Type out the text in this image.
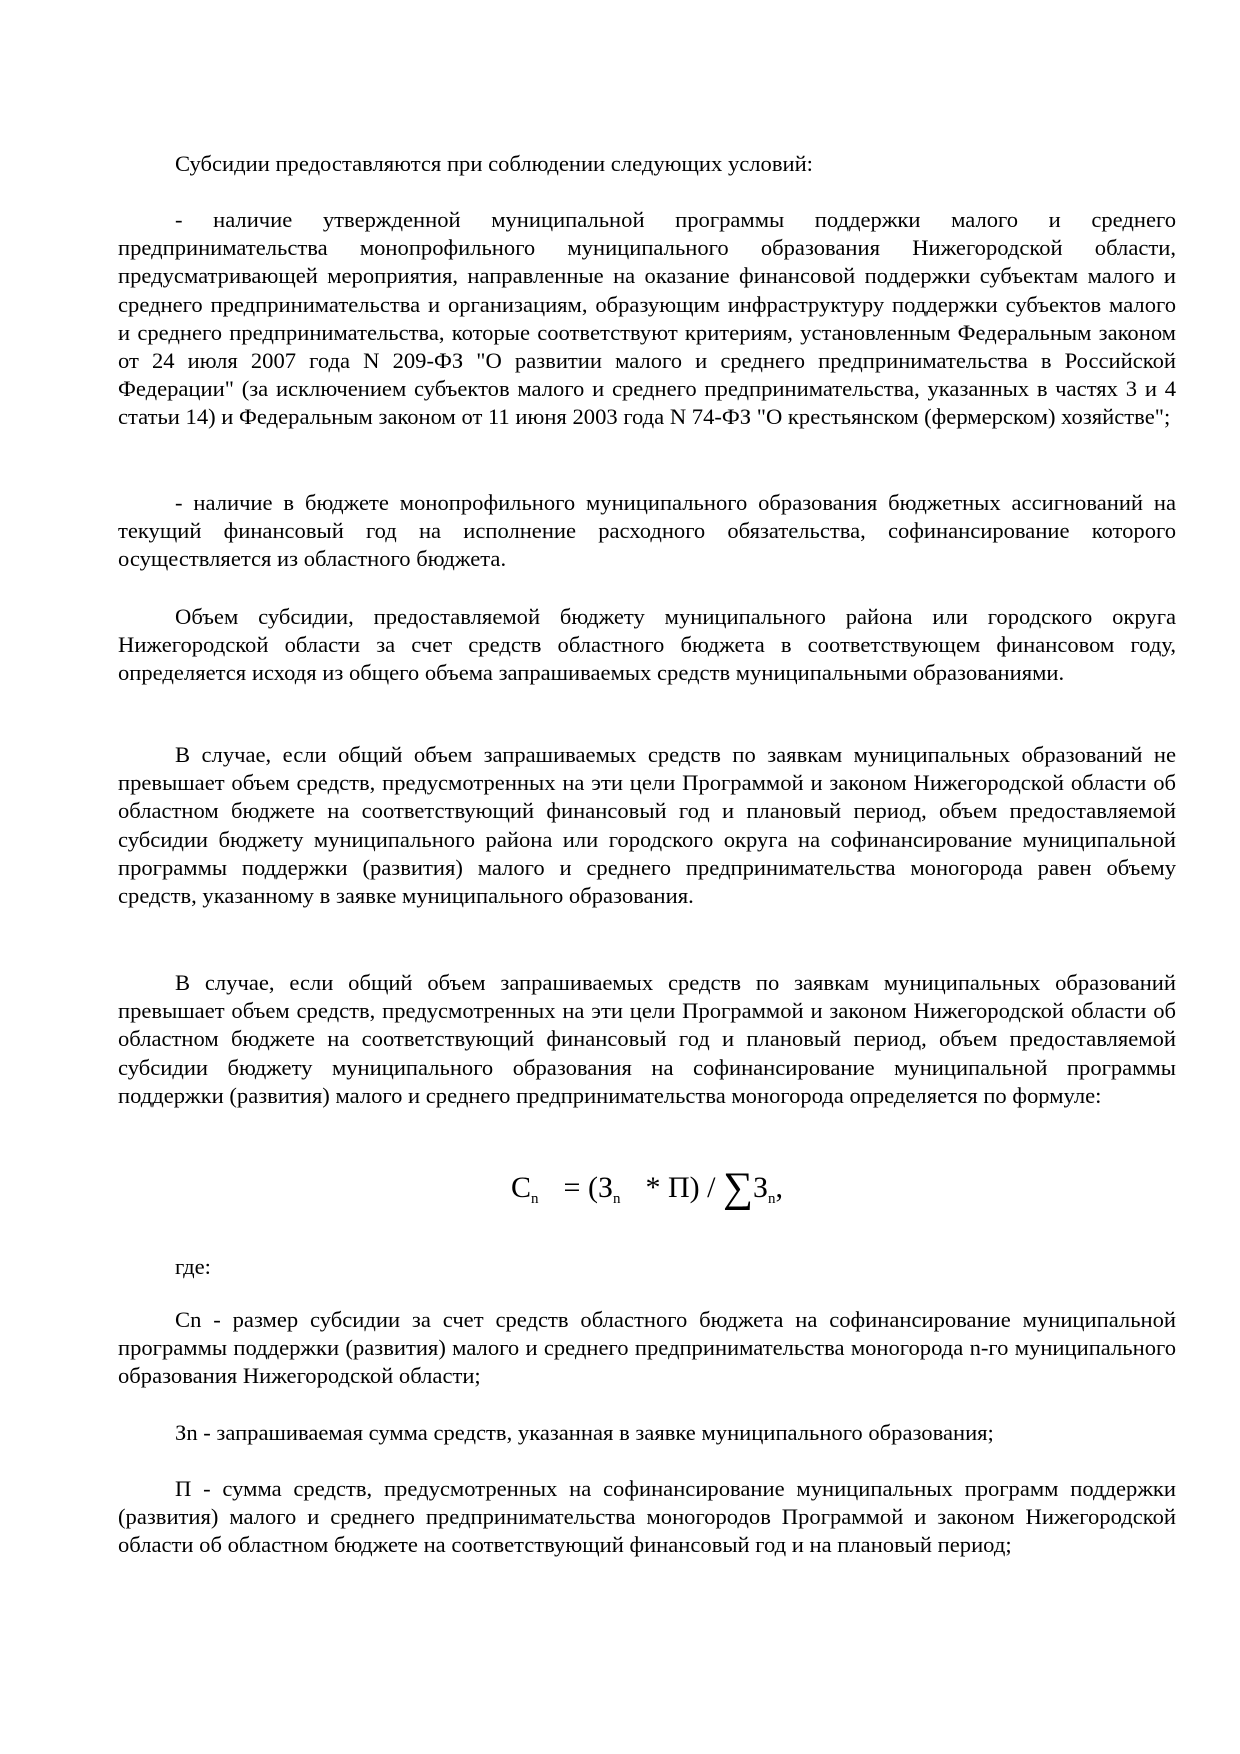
Субсидии предоставляются при соблюдении следующих условий:

- наличие утвержденной муниципальной программы поддержки малого и среднего предпринимательства монопрофильного муниципального образования Нижегородской области, предусматривающей мероприятия, направленные на оказание финансовой поддержки субъектам малого и среднего предпринимательства и организациям, образующим инфраструктуру поддержки субъектов малого и среднего предпринимательства, которые соответствуют критериям, установленным Федеральным законом от 24 июля 2007 года N 209-ФЗ "О развитии малого и среднего предпринимательства в Российской Федерации" (за исключением субъектов малого и среднего предпринимательства, указанных в частях 3 и 4 статьи 14) и Федеральным законом от 11 июня 2003 года N 74-ФЗ "О крестьянском (фермерском) хозяйстве";

- наличие в бюджете монопрофильного муниципального образования бюджетных ассигнований на текущий финансовый год на исполнение расходного обязательства, софинансирование которого осуществляется из областного бюджета.

Объем субсидии, предоставляемой бюджету муниципального района или городского округа Нижегородской области за счет средств областного бюджета в соответствующем финансовом году, определяется исходя из общего объема запрашиваемых средств муниципальными образованиями.

В случае, если общий объем запрашиваемых средств по заявкам муниципальных образований не превышает объем средств, предусмотренных на эти цели Программой и законом Нижегородской области об областном бюджете на соответствующий финансовый год и плановый период, объем предоставляемой субсидии бюджету муниципального района или городского округа на софинансирование муниципальной программы поддержки (развития) малого и среднего предпринимательства моногорода равен объему средств, указанному в заявке муниципального образования.

В случае, если общий объем запрашиваемых средств по заявкам муниципальных образований превышает объем средств, предусмотренных на эти цели Программой и законом Нижегородской области об областном бюджете на соответствующий финансовый год и плановый период, объем предоставляемой субсидии бюджету муниципального образования на софинансирование муниципальной программы поддержки (развития) малого и среднего предпринимательства моногорода определяется по формуле:

$C_n = (З_n * П) / \sum З_n$,

где:

Cn - размер субсидии за счет средств областного бюджета на софинансирование муниципальной программы поддержки (развития) малого и среднего предпринимательства моногорода n-го муниципального образования Нижегородской области;

Зn - запрашиваемая сумма средств, указанная в заявке муниципального образования;

П - сумма средств, предусмотренных на софинансирование муниципальных программ поддержки (развития) малого и среднего предпринимательства моногородов Программой и законом Нижегородской области об областном бюджете на соответствующий финансовый год и на плановый период;
